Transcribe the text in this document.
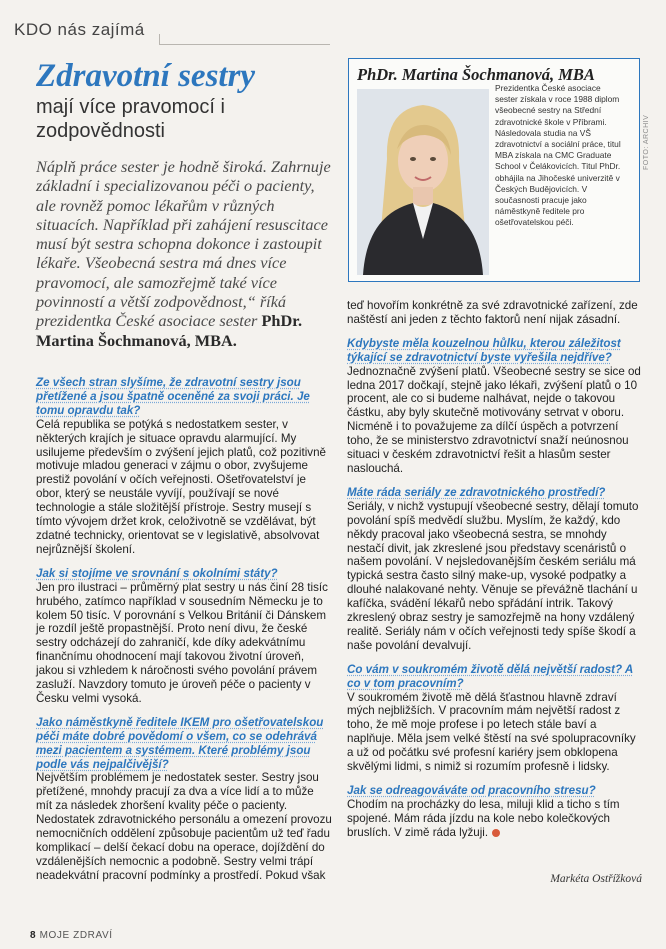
KDO nás zajímá
Zdravotní sestry
mají více pravomocí i zodpovědnosti

Náplň práce sester je hodně široká. Zahrnuje základní i specializovanou péči o pacienty, ale rovněž pomoc lékařům v různých situacích. Například při zahájení resuscitace musí být sestra schopna dokonce i zastoupit lékaře. Všeobecná sestra má dnes více pravomocí, ale samozřejmě také více povinností a větší zodpovědnost,“ říká prezidentka České asociace sester PhDr. Martina Šochmanová, MBA.

PhDr. Martina Šochmanová, MBA

Prezidentka České asociace sester získala v roce 1988 diplom všeobecné sestry na Střední zdravotnické škole v Příbrami. Následovala studia na VŠ zdravotnictví a sociální práce, titul MBA získala na CMC Graduate School v Čelákovicích. Titul PhDr. obhájila na Jihočeské univerzitě v Českých Budějovicích. V současnosti pracuje jako náměstkyně ředitele pro ošetřovatelskou péči.

FOTO: ARCHIV

Ze všech stran slyšíme, že zdravotní sestry jsou přetížené a jsou špatně oceněné za svoji práci. Je tomu opravdu tak?

Celá republika se potýká s nedostatkem sester, v některých krajích je situace opravdu alarmující. My usilujeme především o zvýšení jejich platů, což pozitivně motivuje mladou generaci v zájmu o obor, zvyšujeme prestiž povolání v očích veřejnosti. Ošetřovatelství je obor, který se neustále vyvíjí, používají se nové technologie a stále složitější přístroje. Sestry musejí s tímto vývojem držet krok, celoživotně se vzdělávat, být zdatné technicky, orientovat se v legislativě, absolvovat nejrůznější školení.

Jak si stojíme ve srovnání s okolními státy?

Jen pro ilustraci – průměrný plat sestry u nás činí 28 tisíc hrubého, zatímco například v sousedním Německu je to kolem 50 tisíc. V porovnání s Velkou Británií či Dánskem je rozdíl ještě propastnější. Proto není divu, že české sestry odcházejí do zahraničí, kde díky adekvátnímu finančnímu ohodnocení mají takovou životní úroveň, jakou si vzhledem k náročnosti svého povolání právem zasluží. Navzdory tomuto je úroveň péče o pacienty v Česku velmi vysoká.

Jako náměstkyně ředitele IKEM pro ošetřovatelskou péči máte dobré povědomí o všem, co se odehrává mezi pacientem a systémem. Které problémy jsou podle vás nejpalčivější?

Největším problémem je nedostatek sester. Sestry jsou přetížené, mnohdy pracují za dva a více lidí a to může mít za následek zhoršení kvality péče o pacienty. Nedostatek zdravotnického personálu a omezení provozu nemocničních oddělení způsobuje pacientům už teď řadu komplikací – delší čekací dobu na operace, dojíždění do vzdálenějších nemocnic a podobně. Sestry velmi trápí neadekvátní pracovní podmínky a prostředí. Pokud však

teď hovořím konkrétně za své zdravotnické zařízení, zde naštěstí ani jeden z těchto faktorů není nijak zásadní.

Kdybyste měla kouzelnou hůlku, kterou záležitost týkající se zdravotnictví byste vyřešila nejdříve?

Jednoznačně zvýšení platů. Všeobecné sestry se sice od ledna 2017 dočkají, stejně jako lékaři, zvýšení platů o 10 procent, ale co si budeme nalhávat, nejde o takovou částku, aby byly skutečně motivovány setrvat v oboru. Nicméně i to považujeme za dílčí úspěch a potvrzení toho, že se ministerstvo zdravotnictví snaží neúnosnou situaci v českém zdravotnictví řešit a hlasům sester naslouchá.

Máte ráda seriály ze zdravotnického prostředí?

Seriály, v nichž vystupují všeobecné sestry, dělají tomuto povolání spíš medvědí službu. Myslím, že každý, kdo někdy pracoval jako všeobecná sestra, se mnohdy nestačí divit, jak zkreslené jsou představy scenáristů o našem povolání. V nejsledovanějším českém seriálu má typická sestra často silný make-up, vysoké podpatky a dlouhé nalakované nehty. Věnuje se převážně tlachání u kafíčka, svádění lékařů nebo spřádání intrik. Takový zkreslený obraz sestry je samozřejmě na hony vzdálený realitě. Seriály nám v očích veřejnosti tedy spíše škodí a naše povolání devalvují.

Co vám v soukromém životě dělá největší radost? A co v tom pracovním?

V soukromém životě mě dělá šťastnou hlavně zdraví mých nejbližších. V pracovním mám největší radost z toho, že mě moje profese i po letech stále baví a naplňuje. Měla jsem velké štěstí na své spolupracovníky a už od počátku své profesní kariéry jsem obklopena skvělými lidmi, s nimiž si rozumím profesně i lidsky.

Jak se odreagováváte od pracovního stresu?

Chodím na procházky do lesa, miluji klid a ticho s tím spojené. Mám ráda jízdu na kole nebo kolečkových bruslích. V zimě ráda lyžuji.

Markéta Ostřížková
8 MOJE ZDRAVÍ
